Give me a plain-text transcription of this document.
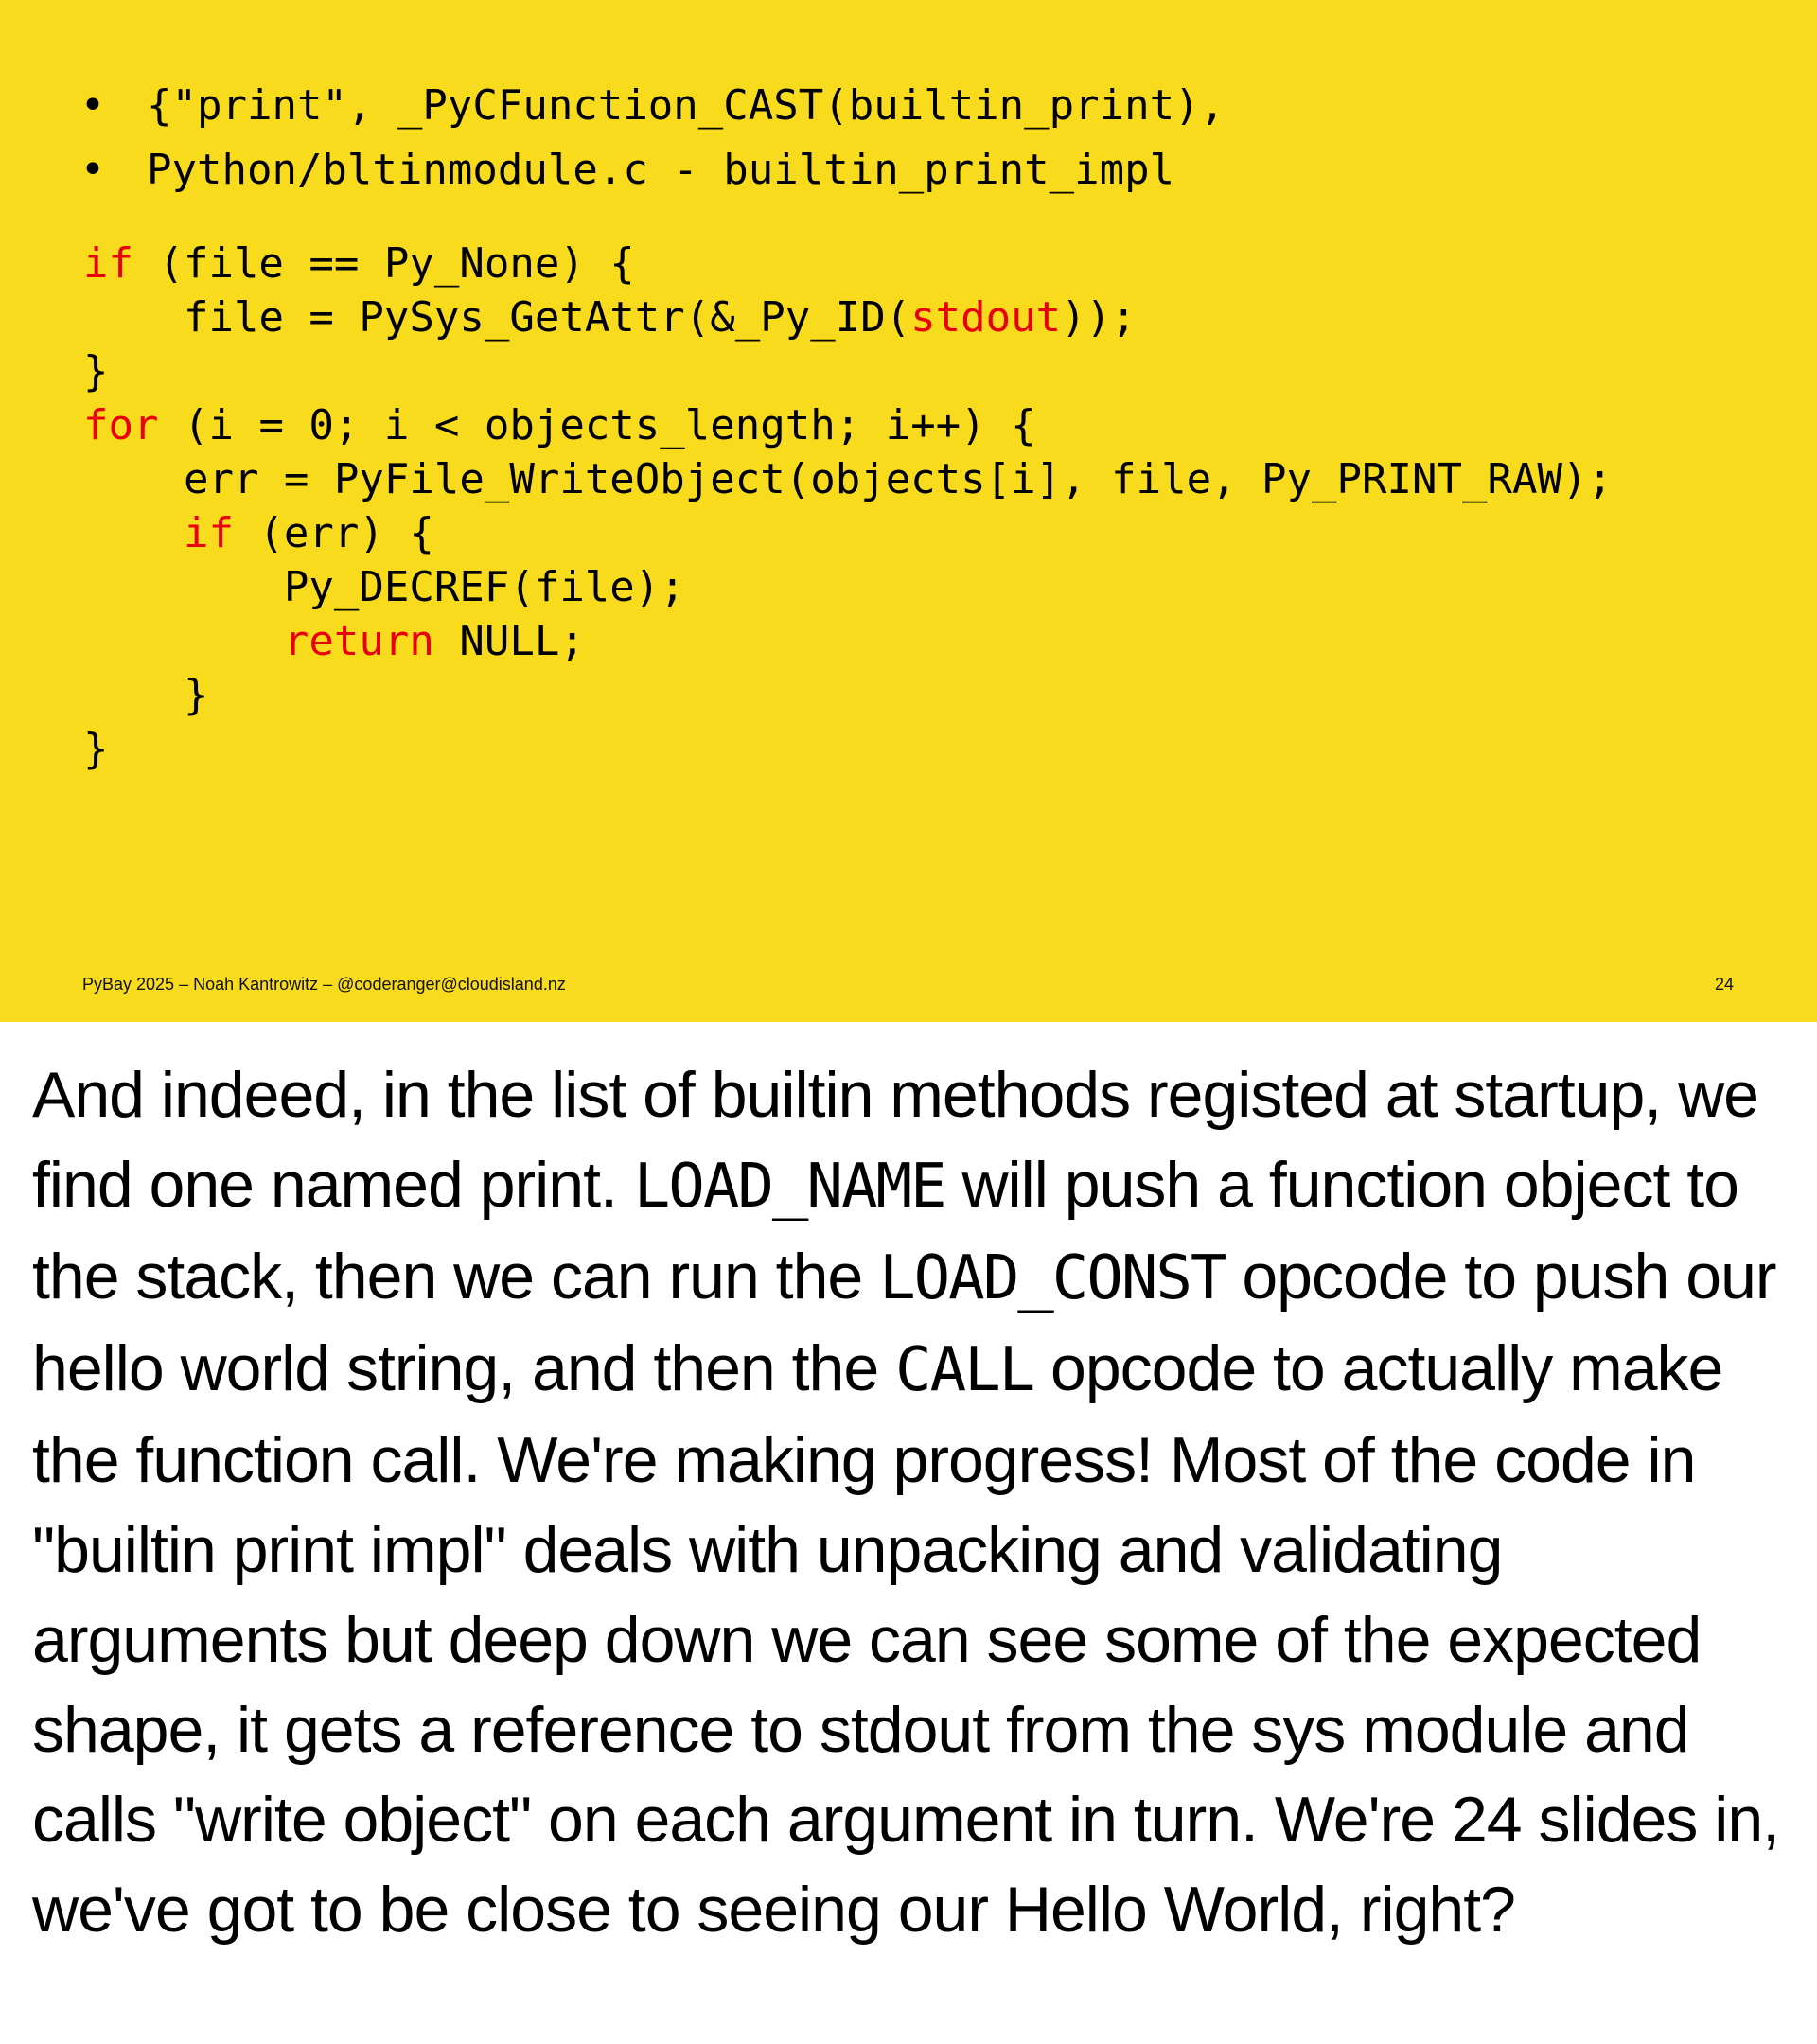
• {"print", _PyCFunction_CAST(builtin_print),
• Python/bltinmodule.c - builtin_print_impl
if (file == Py_None) {
file = PySys_GetAttr(&_Py_ID(stdout));
}
for (i = 0; i < objects_length; i++) {
err = PyFile_WriteObject(objects[i], file, Py_PRINT_RAW);
if (err) {
Py_DECREF(file);
return NULL;
}
}
PyBay 2025 – Noah Kantrowitz – @coderanger@cloudisland.nz	24

And indeed, in the list of builtin methods registed at startup, we find one named print. LOAD_NAME will push a function object to the stack, then we can run the LOAD_CONST opcode to push our hello world string, and then the CALL opcode to actually make the function call. We're making progress! Most of the code in "builtin print impl" deals with unpacking and validating arguments but deep down we can see some of the expected shape, it gets a reference to stdout from the sys module and calls "write object" on each argument in turn. We're 24 slides in, we've got to be close to seeing our Hello World, right?
